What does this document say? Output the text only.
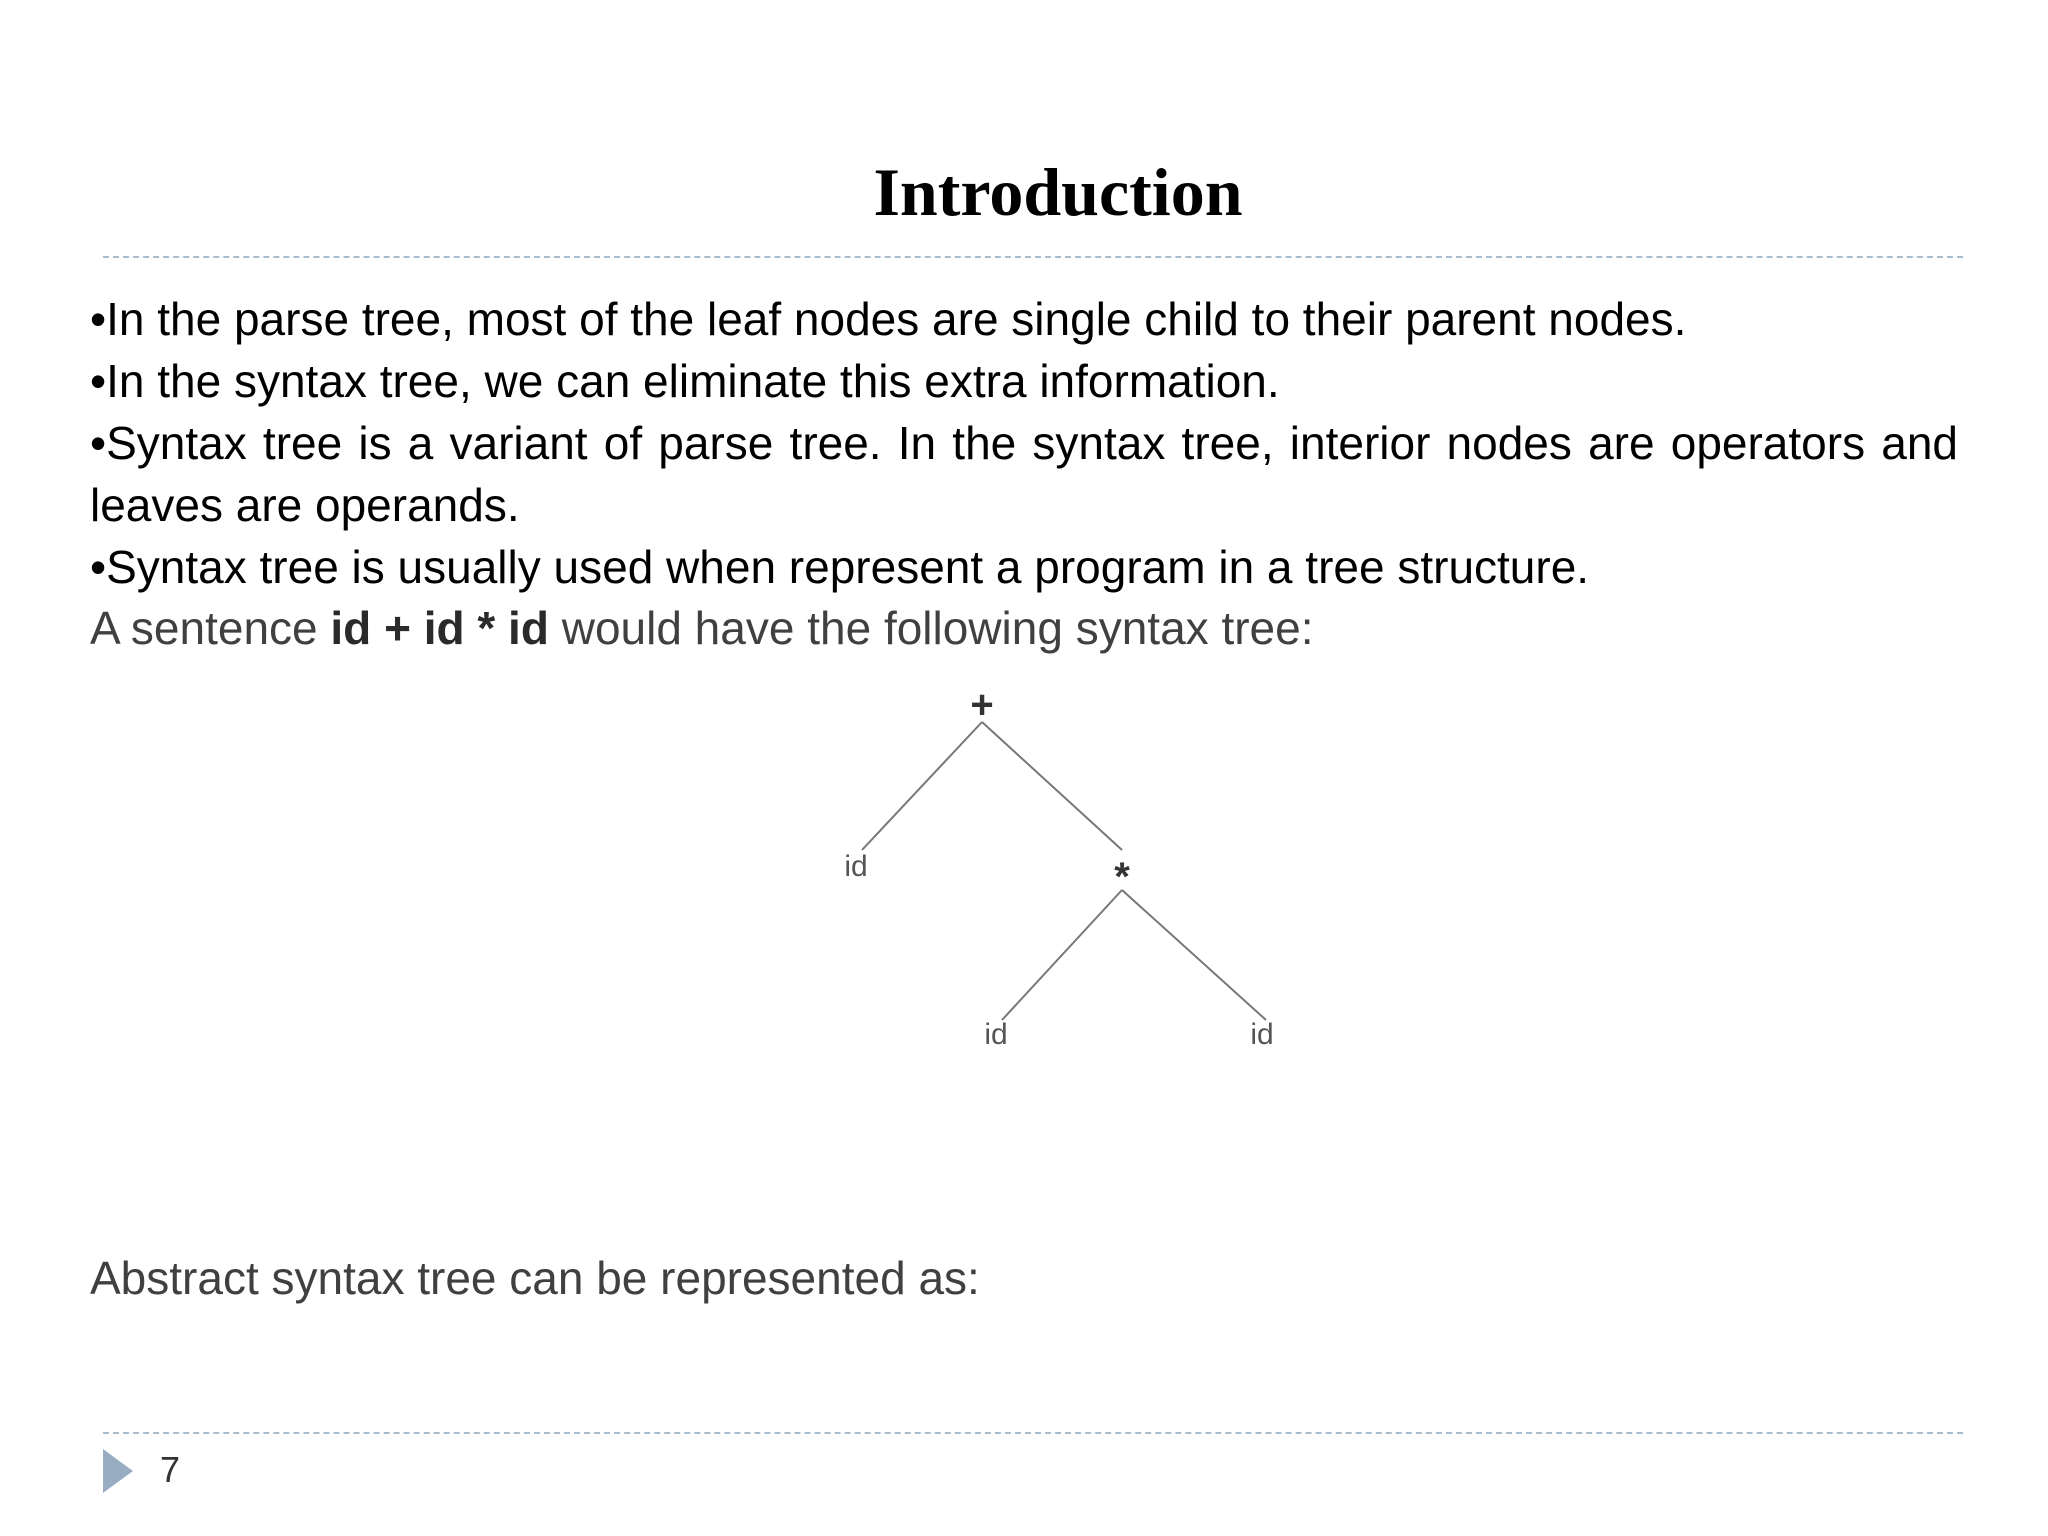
Introduction

•In the parse tree, most of the leaf nodes are single child to their parent nodes.

•In the syntax tree, we can eliminate this extra information.

•Syntax tree is a variant of parse tree. In the syntax tree, interior nodes are operators and leaves are operands.

•Syntax tree is usually used when represent a program in a tree structure.

A sentence id + id * id would have the following syntax tree:
+
id	*
id	id
Abstract syntax tree can be represented as:
7
